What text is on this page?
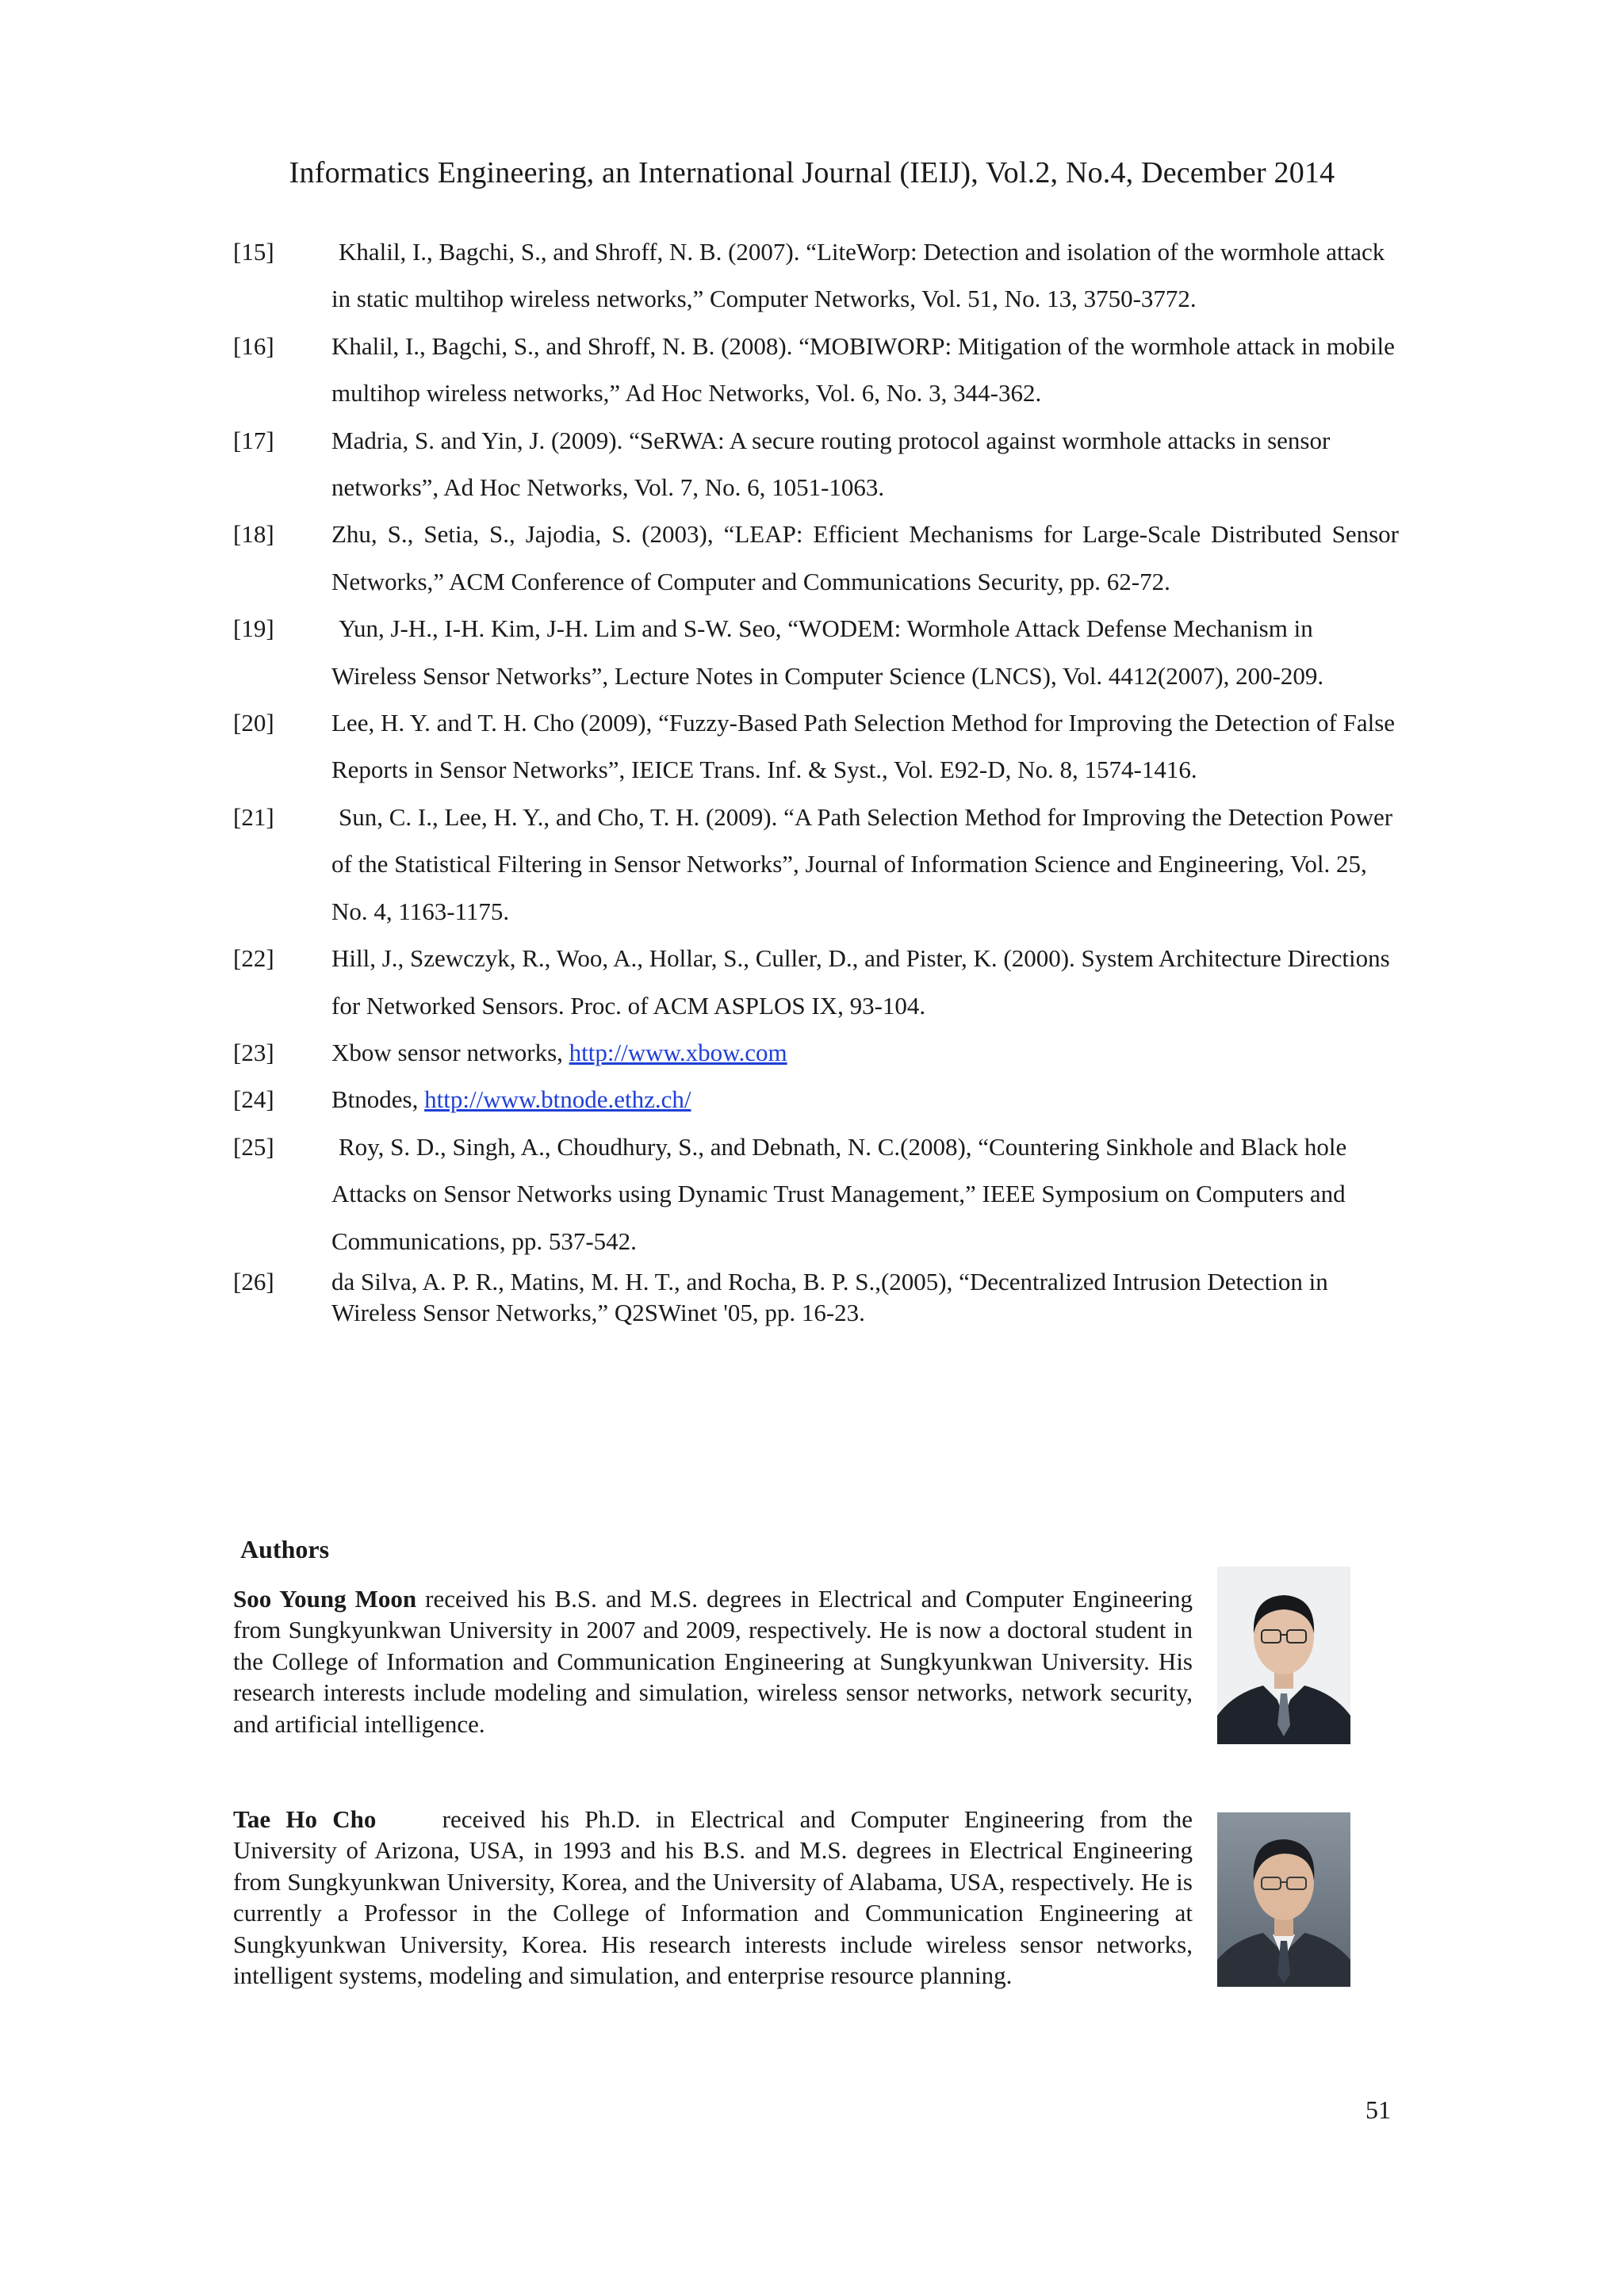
Informatics Engineering, an International Journal (IEIJ), Vol.2, No.4, December 2014
[15]	Khalil, I., Bagchi, S., and Shroff, N. B. (2007). “LiteWorp: Detection and isolation of the wormhole attack in static multihop wireless networks,” Computer Networks, Vol. 51, No. 13, 3750-3772.
[16] Khalil, I., Bagchi, S., and Shroff, N. B. (2008). “MOBIWORP: Mitigation of the wormhole attack in mobile multihop wireless networks,” Ad Hoc Networks, Vol. 6, No. 3, 344-362.
[17] Madria, S. and Yin, J. (2009). “SeRWA: A secure routing protocol against wormhole attacks in sensor networks”, Ad Hoc Networks, Vol. 7, No. 6, 1051-1063.
[18] Zhu, S., Setia, S., Jajodia, S. (2003), “LEAP: Efficient Mechanisms for Large-Scale Distributed Sensor Networks,” ACM Conference of Computer and Communications Security, pp. 62-72.
[19]	Yun, J-H., I-H. Kim, J-H. Lim and S-W. Seo, “WODEM: Wormhole Attack Defense Mechanism in Wireless Sensor Networks”, Lecture Notes in Computer Science (LNCS), Vol. 4412(2007), 200-209.
[20] Lee, H. Y. and T. H. Cho (2009), “Fuzzy-Based Path Selection Method for Improving the Detection of False Reports in Sensor Networks”, IEICE Trans. Inf. & Syst., Vol. E92-D, No. 8, 1574-1416.
[21]	Sun, C. I., Lee, H. Y., and Cho, T. H. (2009). “A Path Selection Method for Improving the Detection Power of the Statistical Filtering in Sensor Networks”, Journal of Information Science and Engineering, Vol. 25, No. 4, 1163-1175.
[22] Hill, J., Szewczyk, R., Woo, A., Hollar, S., Culler, D., and Pister, K. (2000). System Architecture Directions for Networked Sensors. Proc. of ACM ASPLOS IX, 93-104.
[23] Xbow sensor networks, http://www.xbow.com
[24] Btnodes, http://www.btnode.ethz.ch/
[25]	Roy, S. D., Singh, A., Choudhury, S., and Debnath, N. C.(2008), “Countering Sinkhole and Black hole Attacks on Sensor Networks using Dynamic Trust Management,” IEEE Symposium on Computers and Communications, pp. 537-542.
[26] da Silva, A. P. R., Matins, M. H. T., and Rocha, B. P. S.,(2005), “Decentralized Intrusion Detection in Wireless Sensor Networks,” Q2SWinet '05, pp. 16-23.
Authors
Soo Young Moon received his B.S. and M.S. degrees in Electrical and Computer Engineering from Sungkyunkwan University in 2007 and 2009, respectively. He is now a doctoral student in the College of Information and Communication Engineering at Sungkyunkwan University. His research interests include modeling and simulation, wireless sensor networks, network security, and artificial intelligence.
Tae Ho Cho	received his Ph.D. in Electrical and Computer Engineering from the University of Arizona, USA, in 1993 and his B.S. and M.S. degrees in Electrical Engineering from Sungkyunkwan University, Korea, and the University of Alabama, USA, respectively. He is currently a Professor in the College of Information and Communication Engineering at Sungkyunkwan University, Korea. His research interests include wireless sensor networks, intelligent systems, modeling and simulation, and enterprise resource planning.
51
